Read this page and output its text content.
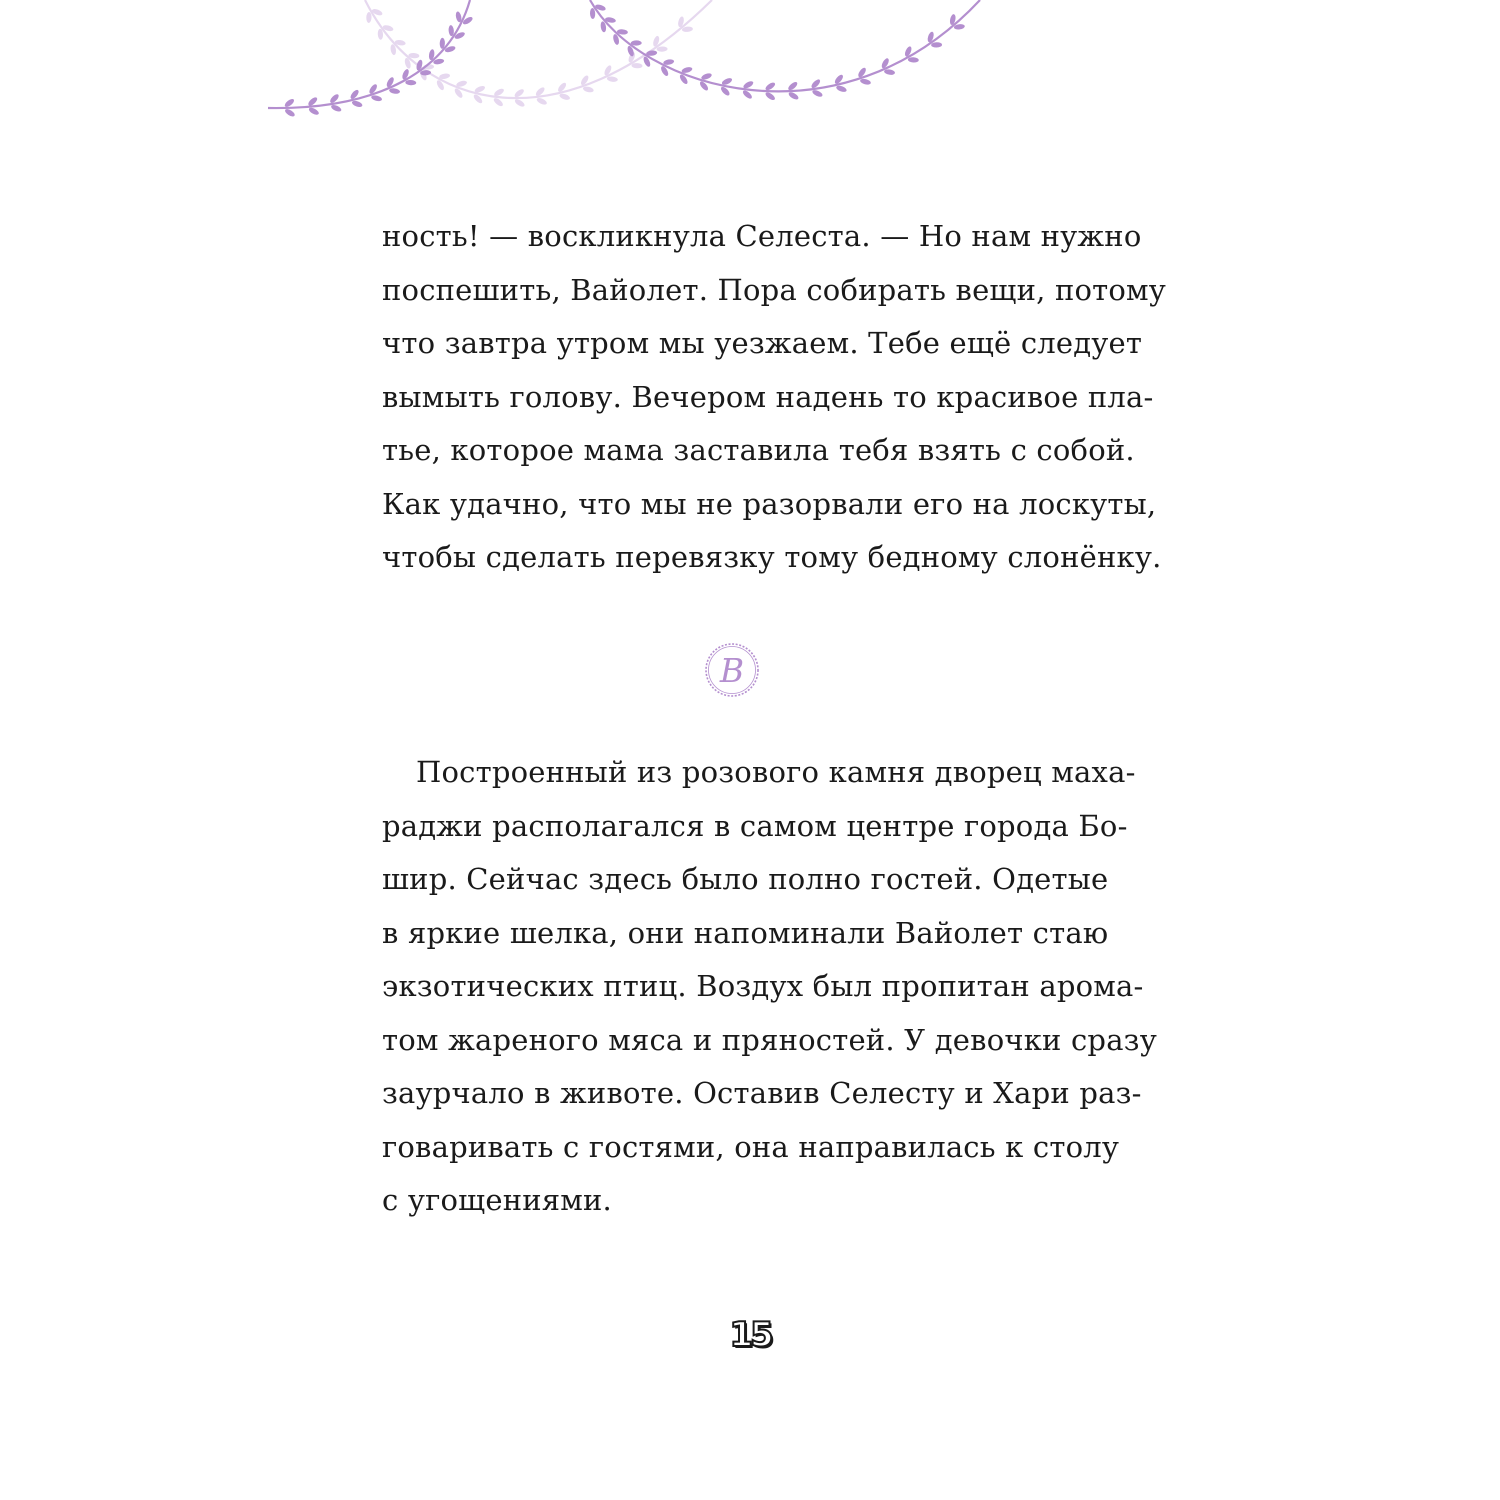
ность! — воскликнула Селеста. — Но нам нужно

поспешить, Вайолет. Пора собирать вещи, потому

что завтра утром мы уезжаем. Тебе ещё следует

вымыть голову. Вечером надень то красивое пла-

тье, которое мама заставила тебя взять с собой.

Как удачно, что мы не разорвали его на лоскуты,

чтобы сделать перевязку тому бедному слонёнку.

В

Построенный из розового камня дворец маха-

раджи располагался в самом центре города Бо-

шир. Сейчас здесь было полно гостей. Одетые

в яркие шелка, они напоминали Вайолет стаю

экзотических птиц. Воздух был пропитан арома-

том жареного мяса и пряностей. У девочки сразу

заурчало в животе. Оставив Селесту и Хари раз-

говаривать с гостями, она направилась к столу

с угощениями.

15
